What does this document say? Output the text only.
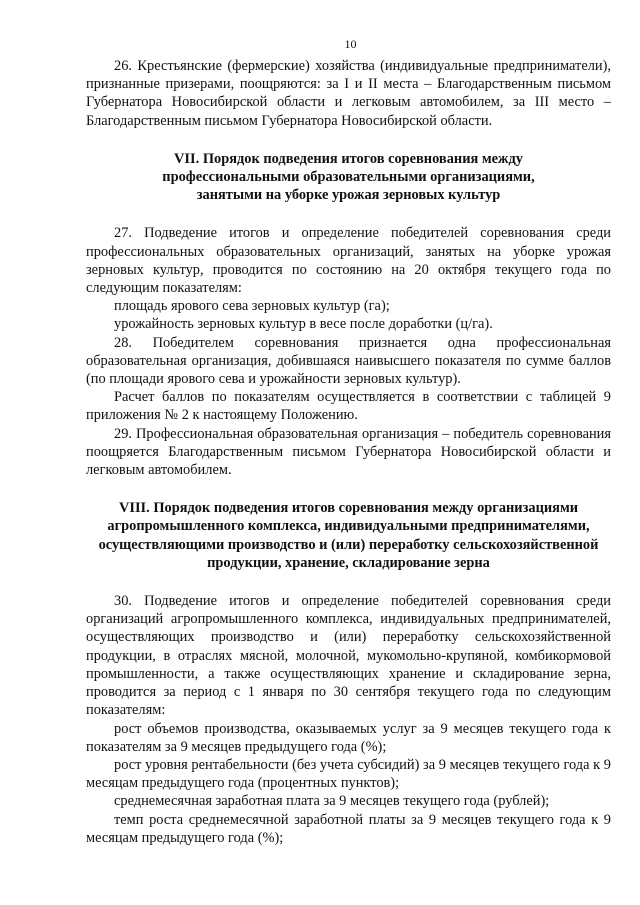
10

26. Крестьянские (фермерские) хозяйства (индивидуальные предприниматели), признанные призерами, поощряются: за I и II места – Благодарственным письмом Губернатора Новосибирской области и легковым автомобилем, за III место – Благодарственным письмом Губернатора Новосибирской области.

VII. Порядок подведения итогов соревнования между
профессиональными образовательными организациями,
занятыми на уборке урожая зерновых культур

27. Подведение итогов и определение победителей соревнования среди профессиональных образовательных организаций, занятых на уборке урожая зерновых культур, проводится по состоянию на 20 октября текущего года по следующим показателям:

площадь ярового сева зерновых культур (га);

урожайность зерновых культур в весе после доработки (ц/га).

28. Победителем соревнования признается одна профессиональная образовательная организация, добившаяся наивысшего показателя по сумме баллов (по площади ярового сева и урожайности зерновых культур).

Расчет баллов по показателям осуществляется в соответствии с таблицей 9 приложения № 2 к настоящему Положению.

29. Профессиональная образовательная организация – победитель соревнования поощряется Благодарственным письмом Губернатора Новосибирской области и легковым автомобилем.

VIII. Порядок подведения итогов соревнования между организациями
агропромышленного комплекса, индивидуальными предпринимателями,
осуществляющими производство и (или) переработку сельскохозяйственной
продукции, хранение, складирование зерна

30. Подведение итогов и определение победителей соревнования среди организаций агропромышленного комплекса, индивидуальных предпринимателей, осуществляющих производство и (или) переработку сельскохозяйственной продукции, в отраслях мясной, молочной, мукомольно-крупяной, комбикормовой промышленности, а также осуществляющих хранение и складирование зерна, проводится за период с 1 января по 30 сентября текущего года по следующим показателям:

рост объемов производства, оказываемых услуг за 9 месяцев текущего года к показателям за 9 месяцев предыдущего года (%);

рост уровня рентабельности (без учета субсидий) за 9 месяцев текущего года к 9 месяцам предыдущего года (процентных пунктов);

среднемесячная заработная плата за 9 месяцев текущего года (рублей);

темп роста среднемесячной заработной платы за 9 месяцев текущего года к 9 месяцам предыдущего года (%);
